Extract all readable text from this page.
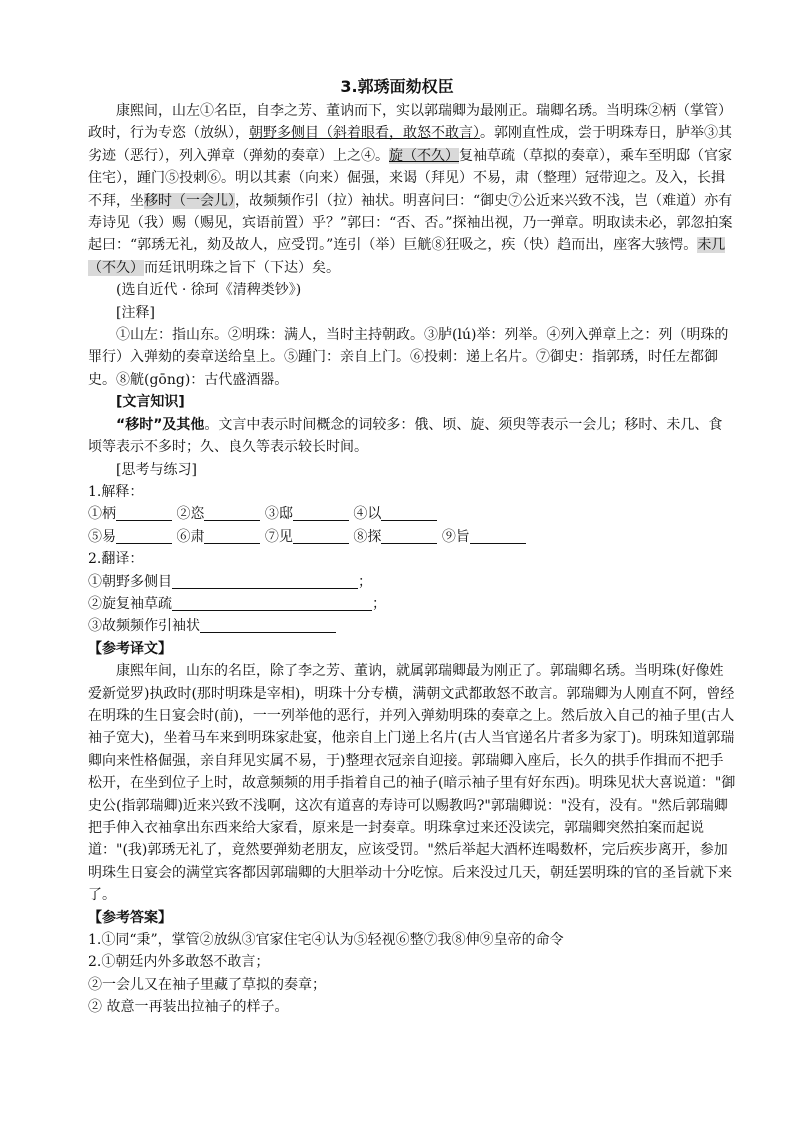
3.郭琇面劾权臣

康熙间，山左①名臣，自李之芳、董讷而下，实以郭瑞卿为最刚正。瑞卿名琇。当明珠②柄（掌管）政时，行为专恣（放纵），朝野多侧目（斜着眼看，敢怒不敢言）。郭刚直性成，尝于明珠寿日，胪举③其劣迹（恶行），列入弹章（弹劾的奏章）上之④。旋（不久）复袖草疏（草拟的奏章），乘车至明邸（官家住宅），踵门⑤投刺⑥。明以其素（向来）倔强，来谒（拜见）不易，肃（整理）冠带迎之。及入，长揖不拜，坐移时（一会儿），故频频作引（拉）袖状。明喜问曰：“御史⑦公近来兴致不浅，岂（难道）亦有寿诗见（我）赐（赐见，宾语前置）乎？”郭曰：“否、否。”探袖出视，乃一弹章。明取读未必，郭忽拍案起曰：“郭琇无礼，劾及故人，应受罚。”连引（举）巨觥⑧狂吸之，疾（快）趋而出，座客大骇愕。未几（不久）而廷讯明珠之旨下（下达）矣。

(选自近代 · 徐珂《清稗类钞》)

[注释]

①山左：指山东。②明珠：满人，当时主持朝政。③胪(lú)举：列举。④列入弹章上之：列（明珠的罪行）入弹劾的奏章送给皇上。⑤踵门：亲自上门。⑥投刺：递上名片。⑦御史：指郭琇，时任左都御史。⑧觥(gōng)：古代盛酒器。

[文言知识]

“移时”及其他。文言中表示时间概念的词较多：俄、顷、旋、须臾等表示一会儿；移时、未几、食顷等表示不多时；久、良久等表示较长时间。

[思考与练习]

1.解释：

①柄	②恣	③邸	④以

⑤易	⑥肃	⑦见	⑧探	⑨旨

2.翻译：

①朝野多侧目	；

②旋复袖草疏	；

③故频频作引袖状

【参考译文】

康熙年间，山东的名臣，除了李之芳、董讷，就属郭瑞卿最为刚正了。郭瑞卿名琇。当明珠(好像姓爱新觉罗)执政时(那时明珠是宰相)，明珠十分专横，满朝文武都敢怒不敢言。郭瑞卿为人刚直不阿，曾经在明珠的生日宴会时(前)，一一列举他的恶行，并列入弹劾明珠的奏章之上。然后放入自己的袖子里(古人袖子宽大)，坐着马车来到明珠家赴宴，他亲自上门递上名片(古人当官递名片者多为家丁)。明珠知道郭瑞卿向来性格倔强，亲自拜见实属不易，于)整理衣冠亲自迎接。郭瑞卿入座后，长久的拱手作揖而不把手松开，在坐到位子上时，故意频频的用手指着自己的袖子(暗示袖子里有好东西)。明珠见状大喜说道："御史公(指郭瑞卿)近来兴致不浅啊，这次有道喜的寿诗可以赐教吗?"郭瑞卿说："没有，没有。"然后郭瑞卿把手伸入衣袖拿出东西来给大家看，原来是一封奏章。明珠拿过来还没读完，郭瑞卿突然拍案而起说道："(我)郭琇无礼了，竟然要弹劾老朋友，应该受罚。"然后举起大酒杯连喝数杯，完后疾步离开，参加明珠生日宴会的满堂宾客都因郭瑞卿的大胆举动十分吃惊。后来没过几天，朝廷罢明珠的官的圣旨就下来了。

【参考答案】

1.①同“秉”，掌管②放纵③官家住宅④认为⑤轻视⑥整⑦我⑧伸⑨皇帝的命令

2.①朝廷内外多敢怒不敢言；

②一会儿又在袖子里藏了草拟的奏章；

② 故意一再装出拉袖子的样子。
